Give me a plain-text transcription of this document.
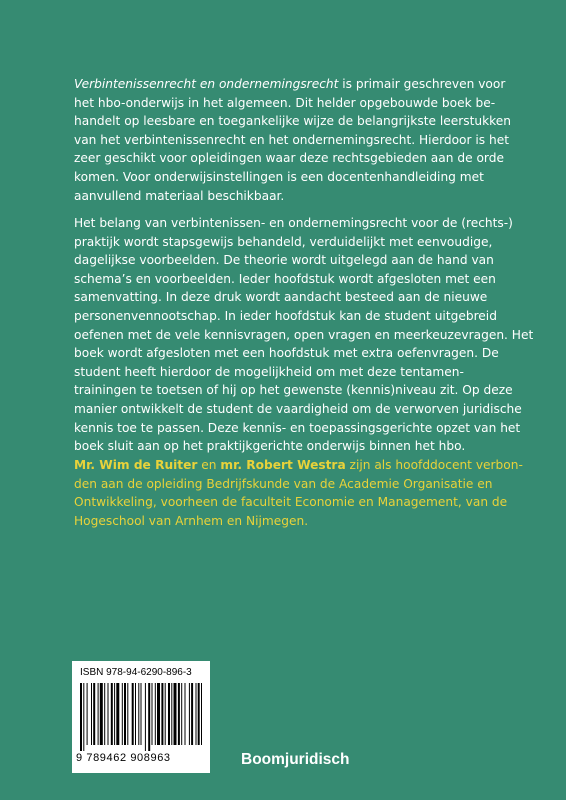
Verbintenissenrecht en ondernemingsrecht is primair geschreven voor
het hbo-onderwijs in het algemeen. Dit helder opgebouwde boek be-
handelt op leesbare en toegankelijke wijze de belangrijkste leerstukken
van het verbintenissenrecht en het ondernemingsrecht. Hierdoor is het
zeer geschikt voor opleidingen waar deze rechtsgebieden aan de orde
komen. Voor onderwijsinstellingen is een docentenhandleiding met
aanvullend materiaal beschikbaar.
Het belang van verbintenissen- en ondernemingsrecht voor de (rechts-)
praktijk wordt stapsgewijs behandeld, verduidelijkt met eenvoudige,
dagelijkse voorbeelden. De theorie wordt uitgelegd aan de hand van
schema’s en voorbeelden. Ieder hoofdstuk wordt afgesloten met een
samenvatting. In deze druk wordt aandacht besteed aan de nieuwe
personenvennootschap. In ieder hoofdstuk kan de student uitgebreid
oefenen met de vele kennisvragen, open vragen en meerkeuzevragen. Het
boek wordt afgesloten met een hoofdstuk met extra oefenvragen. De
student heeft hierdoor de mogelijkheid om met deze tentamen-
trainingen te toetsen of hij op het gewenste (kennis)niveau zit. Op deze
manier ontwikkelt de student de vaardigheid om de verworven juridische
kennis toe te passen. Deze kennis- en toepassingsgerichte opzet van het
boek sluit aan op het praktijkgerichte onderwijs binnen het hbo.
Mr. Wim de Ruiter en mr. Robert Westra zijn als hoofddocent verbon-
den aan de opleiding Bedrijfskunde van de Academie Organisatie en
Ontwikkeling, voorheen de faculteit Economie en Management, van de
Hogeschool van Arnhem en Nijmegen.
ISBN 978-94-6290-896-3
9 789462 908963	Boomjuridisch
